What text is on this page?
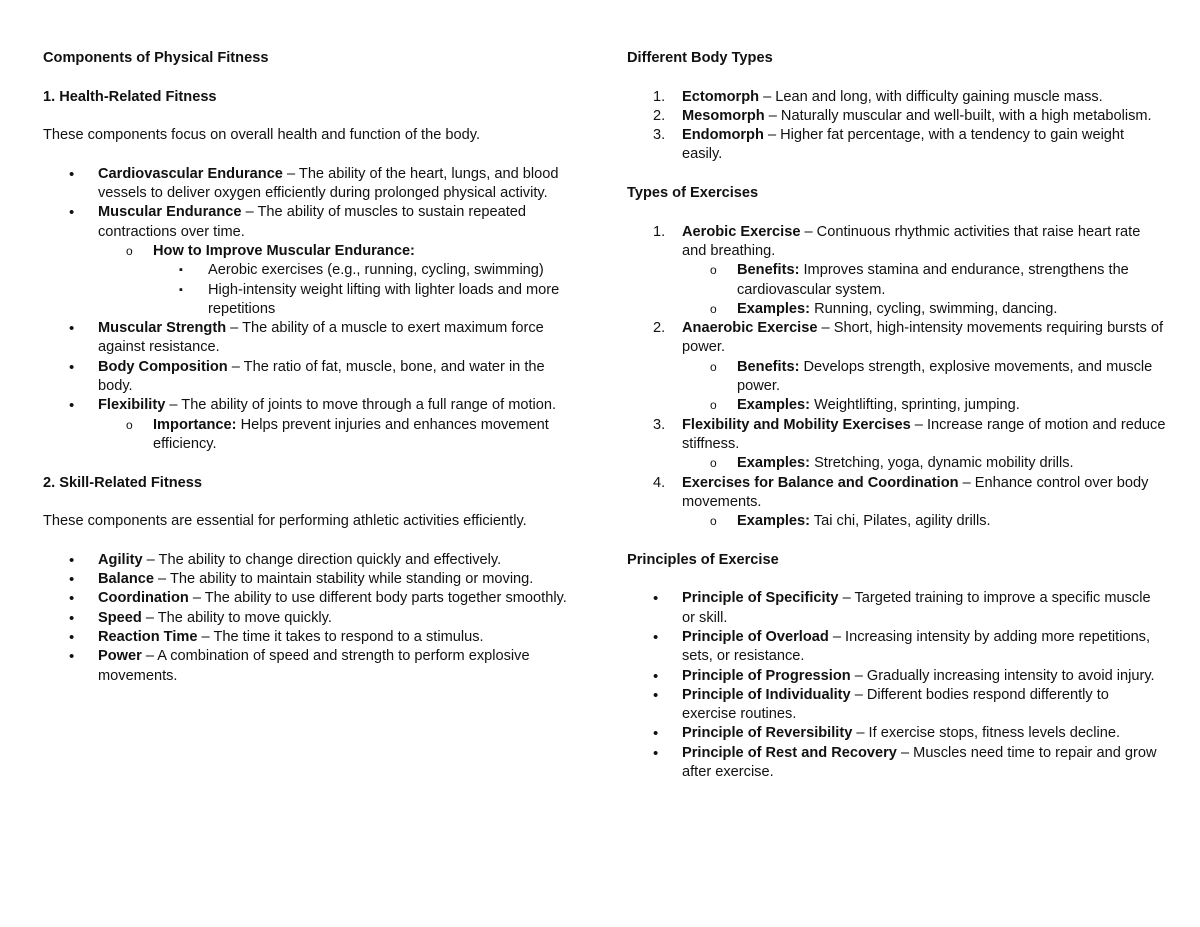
Components of Physical Fitness

1. Health-Related Fitness

These components focus on overall health and function of the body.

• Cardiovascular Endurance – The ability of the heart, lungs, and blood vessels to deliver oxygen efficiently during prolonged physical activity.
• Muscular Endurance – The ability of muscles to sustain repeated contractions over time.
o How to Improve Muscular Endurance:
▪ Aerobic exercises (e.g., running, cycling, swimming)
▪ High-intensity weight lifting with lighter loads and more repetitions
• Muscular Strength – The ability of a muscle to exert maximum force against resistance.
• Body Composition – The ratio of fat, muscle, bone, and water in the body.
• Flexibility – The ability of joints to move through a full range of motion.
o Importance: Helps prevent injuries and enhances movement efficiency.

2. Skill-Related Fitness

These components are essential for performing athletic activities efficiently.

• Agility – The ability to change direction quickly and effectively.
• Balance – The ability to maintain stability while standing or moving.
• Coordination – The ability to use different body parts together smoothly.
• Speed – The ability to move quickly.
• Reaction Time – The time it takes to respond to a stimulus.
• Power – A combination of speed and strength to perform explosive movements.

Different Body Types

1. Ectomorph – Lean and long, with difficulty gaining muscle mass.
2. Mesomorph – Naturally muscular and well-built, with a high metabolism.
3. Endomorph – Higher fat percentage, with a tendency to gain weight easily.

Types of Exercises

1. Aerobic Exercise – Continuous rhythmic activities that raise heart rate and breathing.
o Benefits: Improves stamina and endurance, strengthens the cardiovascular system.
o Examples: Running, cycling, swimming, dancing.
2. Anaerobic Exercise – Short, high-intensity movements requiring bursts of power.
o Benefits: Develops strength, explosive movements, and muscle power.
o Examples: Weightlifting, sprinting, jumping.
3. Flexibility and Mobility Exercises – Increase range of motion and reduce stiffness.
o Examples: Stretching, yoga, dynamic mobility drills.
4. Exercises for Balance and Coordination – Enhance control over body movements.
o Examples: Tai chi, Pilates, agility drills.

Principles of Exercise

• Principle of Specificity – Targeted training to improve a specific muscle or skill.
• Principle of Overload – Increasing intensity by adding more repetitions, sets, or resistance.
• Principle of Progression – Gradually increasing intensity to avoid injury.
• Principle of Individuality – Different bodies respond differently to exercise routines.
• Principle of Reversibility – If exercise stops, fitness levels decline.
• Principle of Rest and Recovery – Muscles need time to repair and grow after exercise.
